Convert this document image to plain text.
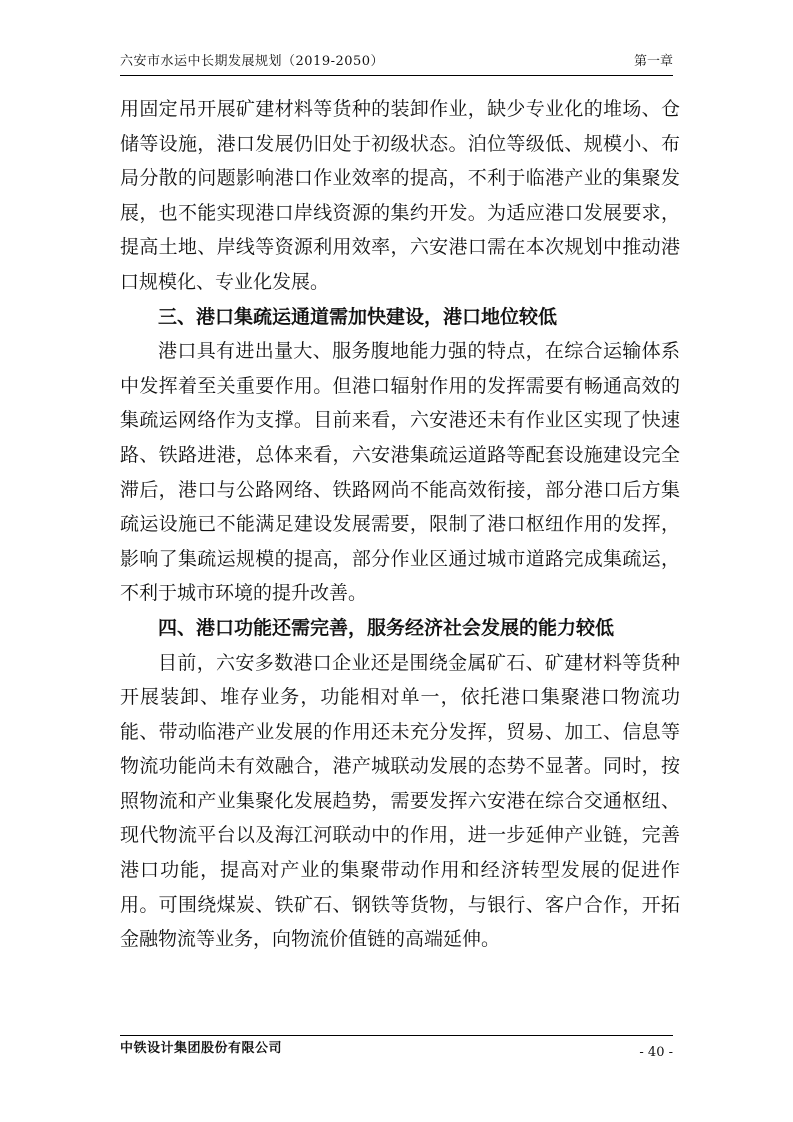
六安市水运中长期发展规划（2019-2050）	第一章

用固定吊开展矿建材料等货种的装卸作业，缺少专业化的堆场、仓储等设施，港口发展仍旧处于初级状态。泊位等级低、规模小、布局分散的问题影响港口作业效率的提高，不利于临港产业的集聚发展，也不能实现港口岸线资源的集约开发。为适应港口发展要求，提高土地、岸线等资源利用效率，六安港口需在本次规划中推动港口规模化、专业化发展。

三、港口集疏运通道需加快建设，港口地位较低

港口具有进出量大、服务腹地能力强的特点，在综合运输体系中发挥着至关重要作用。但港口辐射作用的发挥需要有畅通高效的集疏运网络作为支撑。目前来看，六安港还未有作业区实现了快速路、铁路进港，总体来看，六安港集疏运道路等配套设施建设完全滞后，港口与公路网络、铁路网尚不能高效衔接，部分港口后方集疏运设施已不能满足建设发展需要，限制了港口枢纽作用的发挥，影响了集疏运规模的提高，部分作业区通过城市道路完成集疏运，不利于城市环境的提升改善。

四、港口功能还需完善，服务经济社会发展的能力较低

目前，六安多数港口企业还是围绕金属矿石、矿建材料等货种开展装卸、堆存业务，功能相对单一，依托港口集聚港口物流功能、带动临港产业发展的作用还未充分发挥，贸易、加工、信息等物流功能尚未有效融合，港产城联动发展的态势不显著。同时，按照物流和产业集聚化发展趋势，需要发挥六安港在综合交通枢纽、现代物流平台以及海江河联动中的作用，进一步延伸产业链，完善港口功能，提高对产业的集聚带动作用和经济转型发展的促进作用。可围绕煤炭、铁矿石、钢铁等货物，与银行、客户合作，开拓金融物流等业务，向物流价值链的高端延伸。

中铁设计集团股份有限公司	- 40 -
